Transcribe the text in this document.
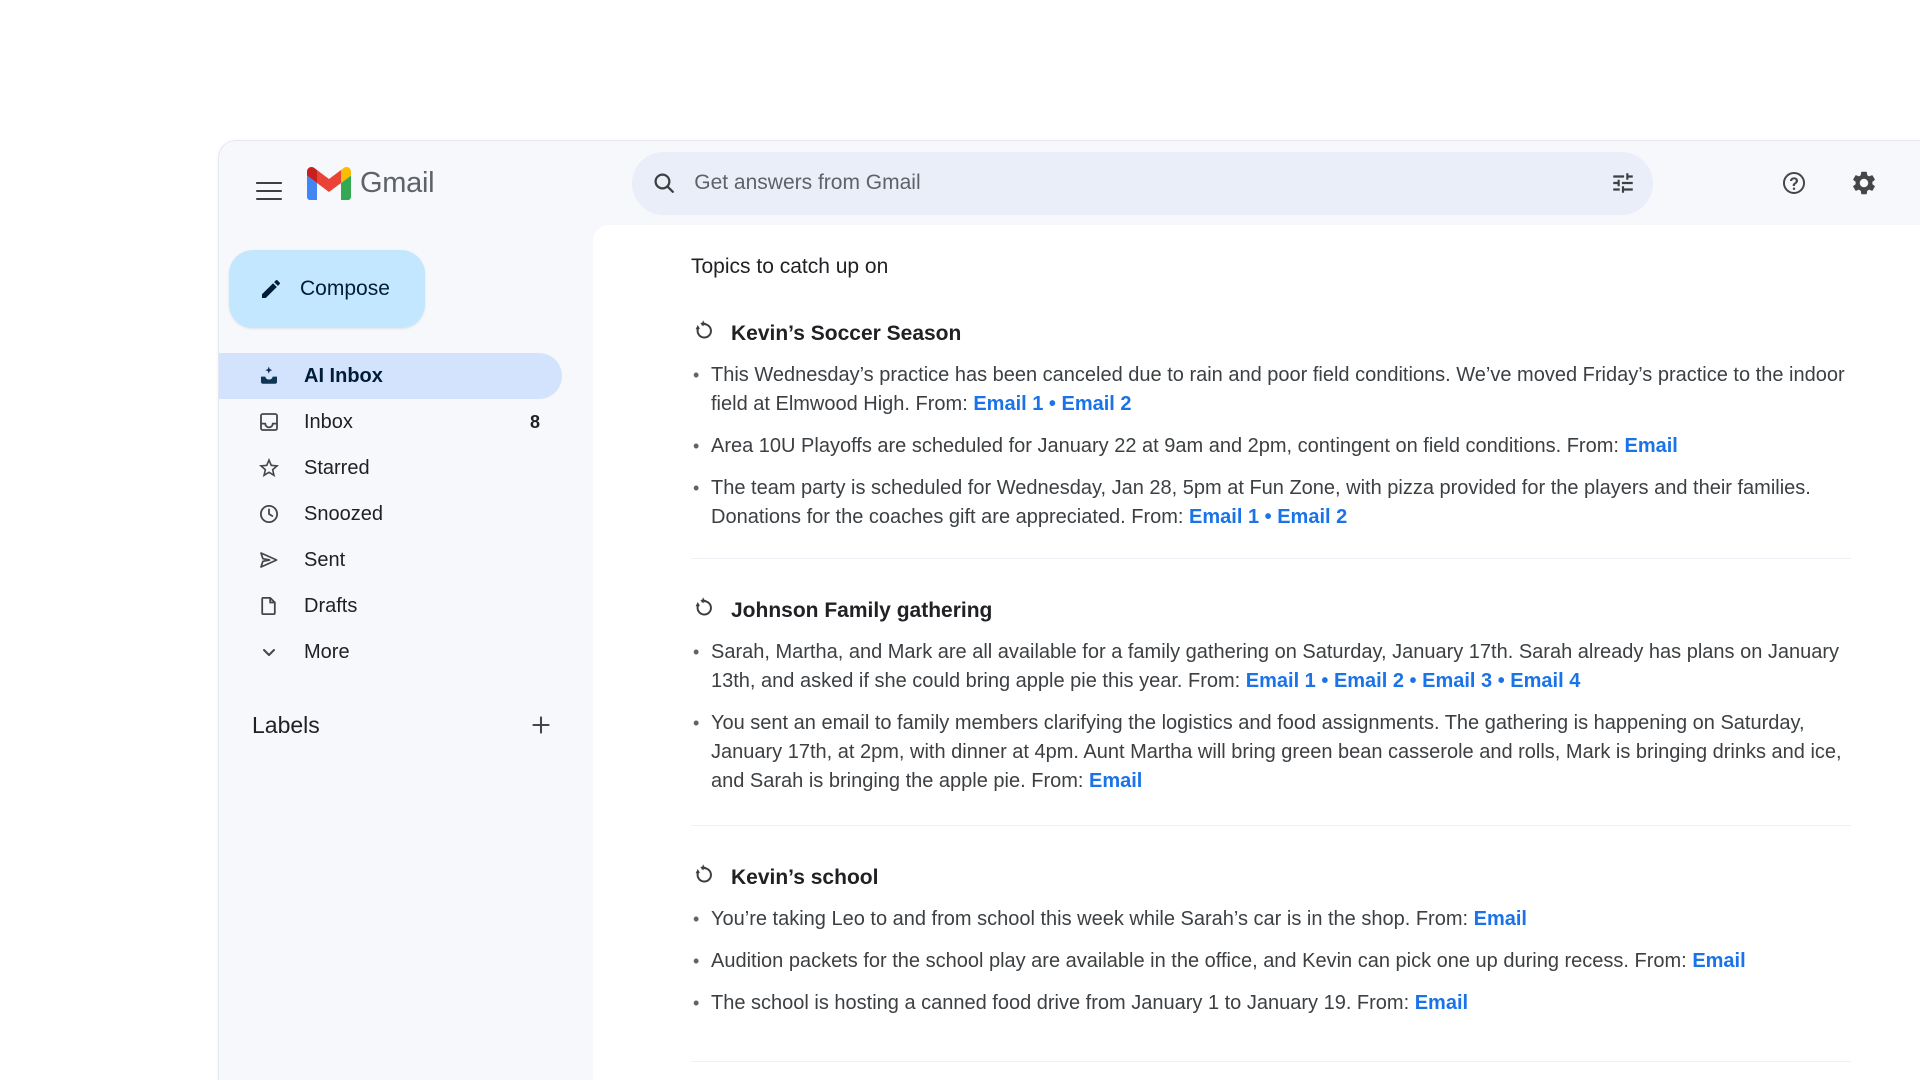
Gmail
Get answers from Gmail
Compose
AI Inbox
Inbox	8
Starred
Snoozed
Sent
Drafts
More
Labels
Topics to catch up on
Kevin’s Soccer Season
• This Wednesday’s practice has been canceled due to rain and poor field conditions. We’ve moved Friday’s practice to the indoor field at Elmwood High. From: Email 1 • Email 2
• Area 10U Playoffs are scheduled for January 22 at 9am and 2pm, contingent on field conditions. From: Email
• The team party is scheduled for Wednesday, Jan 28, 5pm at Fun Zone, with pizza provided for the players and their families. Donations for the coaches gift are appreciated. From: Email 1 • Email 2
Johnson Family gathering
• Sarah, Martha, and Mark are all available for a family gathering on Saturday, January 17th. Sarah already has plans on January 13th, and asked if she could bring apple pie this year. From: Email 1 • Email 2 • Email 3 • Email 4
• You sent an email to family members clarifying the logistics and food assignments. The gathering is happening on Saturday, January 17th, at 2pm, with dinner at 4pm. Aunt Martha will bring green bean casserole and rolls, Mark is bringing drinks and ice, and Sarah is bringing the apple pie. From: Email
Kevin’s school
• You’re taking Leo to and from school this week while Sarah’s car is in the shop. From: Email
• Audition packets for the school play are available in the office, and Kevin can pick one up during recess. From: Email
• The school is hosting a canned food drive from January 1 to January 19. From: Email
